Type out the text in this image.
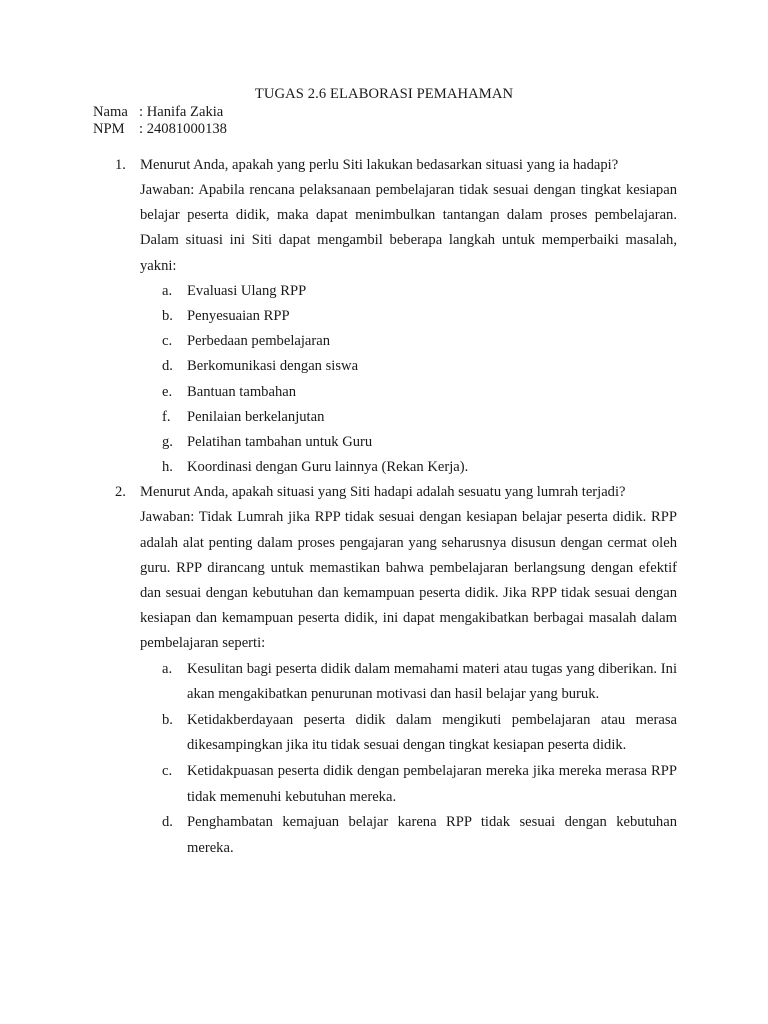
TUGAS 2.6 ELABORASI PEMAHAMAN
Nama : Hanifa Zakia
NPM : 24081000138
1. Menurut Anda, apakah yang perlu Siti lakukan bedasarkan situasi yang ia hadapi?
Jawaban: Apabila rencana pelaksanaan pembelajaran tidak sesuai dengan tingkat kesiapan belajar peserta didik, maka dapat menimbulkan tantangan dalam proses pembelajaran. Dalam situasi ini Siti dapat mengambil beberapa langkah untuk memperbaiki masalah, yakni:
a. Evaluasi Ulang RPP
b. Penyesuaian RPP
c. Perbedaan pembelajaran
d. Berkomunikasi dengan siswa
e. Bantuan tambahan
f. Penilaian berkelanjutan
g. Pelatihan tambahan untuk Guru
h. Koordinasi dengan Guru lainnya (Rekan Kerja).
2. Menurut Anda, apakah situasi yang Siti hadapi adalah sesuatu yang lumrah terjadi?
Jawaban: Tidak Lumrah jika RPP tidak sesuai dengan kesiapan belajar peserta didik. RPP adalah alat penting dalam proses pengajaran yang seharusnya disusun dengan cermat oleh guru. RPP dirancang untuk memastikan bahwa pembelajaran berlangsung dengan efektif dan sesuai dengan kebutuhan dan kemampuan peserta didik. Jika RPP tidak sesuai dengan kesiapan dan kemampuan peserta didik, ini dapat mengakibatkan berbagai masalah dalam pembelajaran seperti:
a. Kesulitan bagi peserta didik dalam memahami materi atau tugas yang diberikan. Ini akan mengakibatkan penurunan motivasi dan hasil belajar yang buruk.
b. Ketidakberdayaan peserta didik dalam mengikuti pembelajaran atau merasa dikesampingkan jika itu tidak sesuai dengan tingkat kesiapan peserta didik.
c. Ketidakpuasan peserta didik dengan pembelajaran mereka jika mereka merasa RPP tidak memenuhi kebutuhan mereka.
d. Penghambatan kemajuan belajar karena RPP tidak sesuai dengan kebutuhan mereka.
